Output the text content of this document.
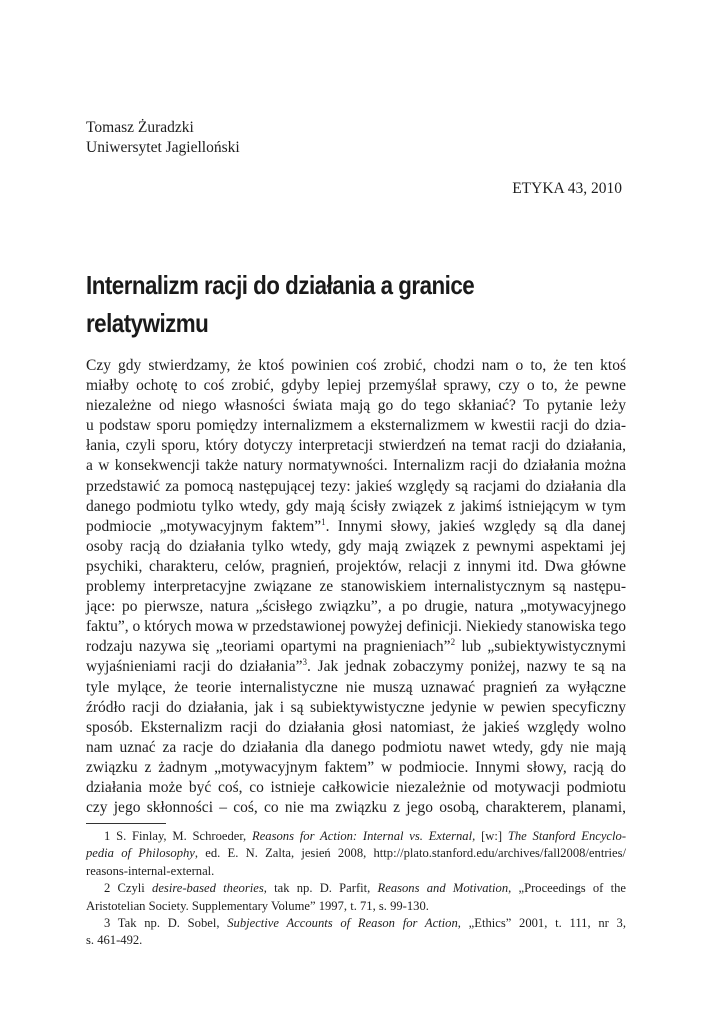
Tomasz Żuradzki
Uniwersytet Jagielloński
ETYKA 43, 2010
Internalizm racji do działania a granice
relatywizmu
Czy gdy stwierdzamy, że ktoś powinien coś zrobić, chodzi nam o to, że ten ktoś
miałby ochotę to coś zrobić, gdyby lepiej przemyślał sprawy, czy o to, że pewne
niezależne od niego własności świata mają go do tego skłaniać? To pytanie leży
u podstaw sporu pomiędzy internalizmem a eksternalizmem w kwestii racji do dzia-
łania, czyli sporu, który dotyczy interpretacji stwierdzeń na temat racji do działania,
a w konsekwencji także natury normatywności. Internalizm racji do działania można
przedstawić za pomocą następującej tezy: jakieś względy są racjami do działania dla
danego podmiotu tylko wtedy, gdy mają ścisły związek z jakimś istniejącym w tym
podmiocie „motywacyjnym faktem”$^1$. Innymi słowy, jakieś względy są dla danej
osoby racją do działania tylko wtedy, gdy mają związek z pewnymi aspektami jej
psychiki, charakteru, celów, pragnień, projektów, relacji z innymi itd. Dwa główne
problemy interpretacyjne związane ze stanowiskiem internalistycznym są następu-
jące: po pierwsze, natura „ścisłego związku”, a po drugie, natura „motywacyjnego
faktu”, o których mowa w przedstawionej powyżej definicji. Niekiedy stanowiska tego
rodzaju nazywa się „teoriami opartymi na pragnieniach”$^2$ lub „subiektywistycznymi
wyjaśnieniami racji do działania”$^3$. Jak jednak zobaczymy poniżej, nazwy te są na
tyle mylące, że teorie internalistyczne nie muszą uznawać pragnień za wyłączne
źródło racji do działania, jak i są subiektywistyczne jedynie w pewien specyficzny
sposób. Eksternalizm racji do działania głosi natomiast, że jakieś względy wolno
nam uznać za racje do działania dla danego podmiotu nawet wtedy, gdy nie mają
związku z żadnym „motywacyjnym faktem” w podmiocie. Innymi słowy, racją do
działania może być coś, co istnieje całkowicie niezależnie od motywacji podmiotu
czy jego skłonności – coś, co nie ma związku z jego osobą, charakterem, planami,
1 S. Finlay, M. Schroeder, Reasons for Action: Internal vs. External, [w:] The Stanford Encyclo-
pedia of Philosophy, ed. E. N. Zalta, jesień 2008, http://plato.stanford.edu/archives/fall2008/entries/
reasons-internal-external.
2 Czyli desire-based theories, tak np. D. Parfit, Reasons and Motivation, „Proceedings of the
Aristotelian Society. Supplementary Volume” 1997, t. 71, s. 99-130.
3 Tak np. D. Sobel, Subjective Accounts of Reason for Action, „Ethics” 2001, t. 111, nr 3,
s. 461-492.
